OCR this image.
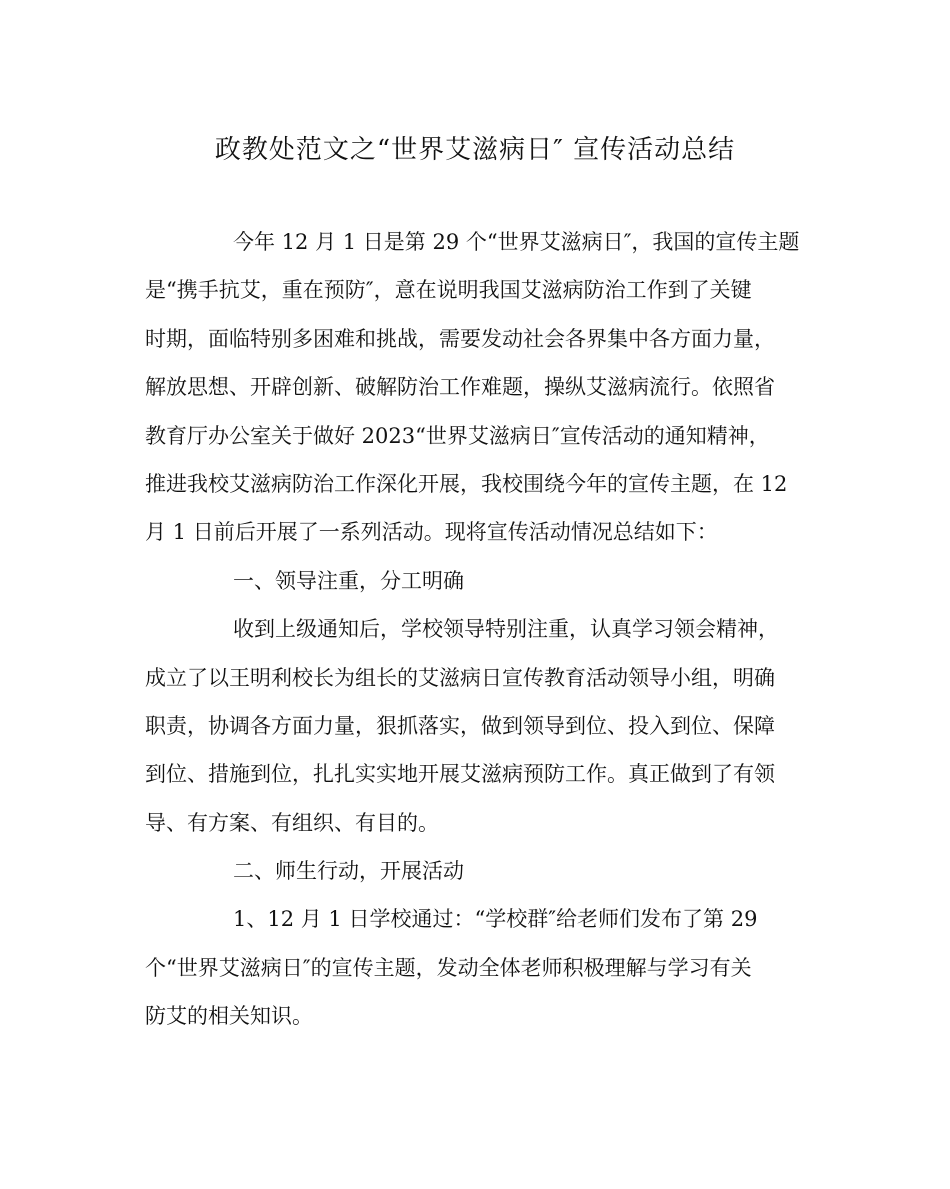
政教处范文之“世界艾滋病日″ 宣传活动总结
今年 12 月 1 日是第 29 个“世界艾滋病日″，我国的宣传主题
是“携手抗艾，重在预防″，意在说明我国艾滋病防治工作到了关键
时期，面临特别多困难和挑战，需要发动社会各界集中各方面力量，
解放思想、开辟创新、破解防治工作难题，操纵艾滋病流行。依照省
教育厅办公室关于做好 2023“世界艾滋病日″宣传活动的通知精神，
推进我校艾滋病防治工作深化开展，我校围绕今年的宣传主题，在 12
月 1 日前后开展了一系列活动。现将宣传活动情况总结如下：
一、领导注重，分工明确
收到上级通知后，学校领导特别注重，认真学习领会精神，
成立了以王明利校长为组长的艾滋病日宣传教育活动领导小组，明确
职责，协调各方面力量，狠抓落实，做到领导到位、投入到位、保障
到位、措施到位，扎扎实实地开展艾滋病预防工作。真正做到了有领
导、有方案、有组织、有目的。
二、师生行动，开展活动
1、12 月 1 日学校通过：“学校群″给老师们发布了第 29
个“世界艾滋病日″的宣传主题，发动全体老师积极理解与学习有关
防艾的相关知识。
